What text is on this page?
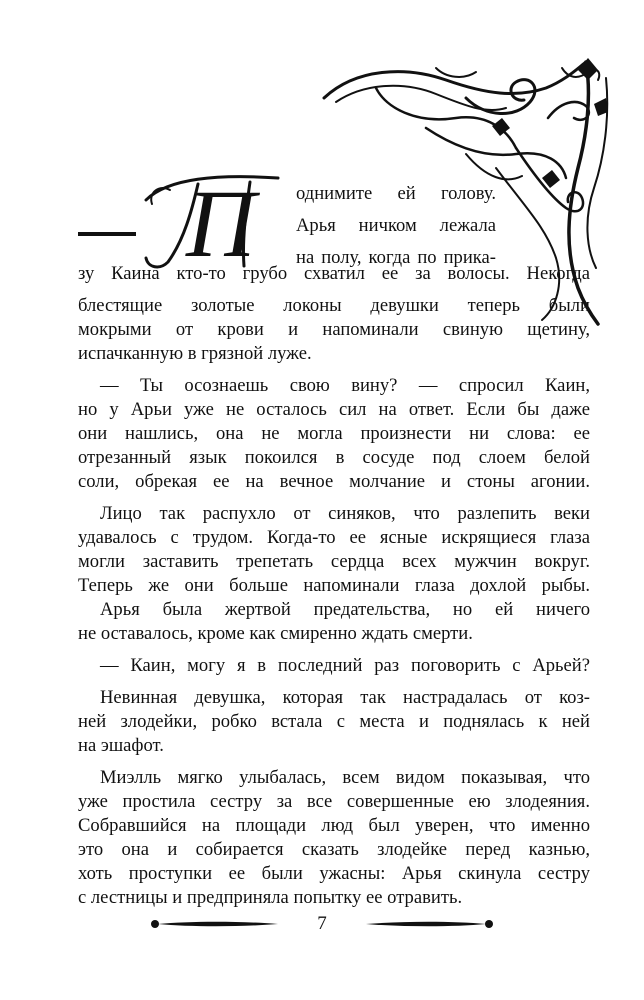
П	однимите ей голову.
Арья ничком лежала
на полу, когда по прика-
зу Каина кто-то грубо схватил ее за волосы. Некогда
блестящие золотые локоны девушки теперь были
мокрыми от крови и напоминали свиную щетину,
испачканную в грязной луже.
— Ты осознаешь свою вину? — спросил Каин,
но у Арьи уже не осталось сил на ответ. Если бы даже
они нашлись, она не могла произнести ни слова: ее
отрезанный язык покоился в сосуде под слоем белой
соли, обрекая ее на вечное молчание и стоны агонии.
Лицо так распухло от синяков, что разлепить веки
удавалось с трудом. Когда-то ее ясные искрящиеся глаза
могли заставить трепетать сердца всех мужчин вокруг.
Теперь же они больше напоминали глаза дохлой рыбы.
Арья была жертвой предательства, но ей ничего
не оставалось, кроме как смиренно ждать смерти.
— Каин, могу я в последний раз поговорить с Арьей?
Невинная девушка, которая так настрадалась от коз-
ней злодейки, робко встала с места и поднялась к ней
на эшафот.
Миэлль мягко улыбалась, всем видом показывая, что
уже простила сестру за все совершенные ею злодеяния.
Собравшийся на площади люд был уверен, что именно
это она и собирается сказать злодейке перед казнью,
хоть проступки ее были ужасны: Арья скинула сестру
с лестницы и предприняла попытку ее отравить.
7
